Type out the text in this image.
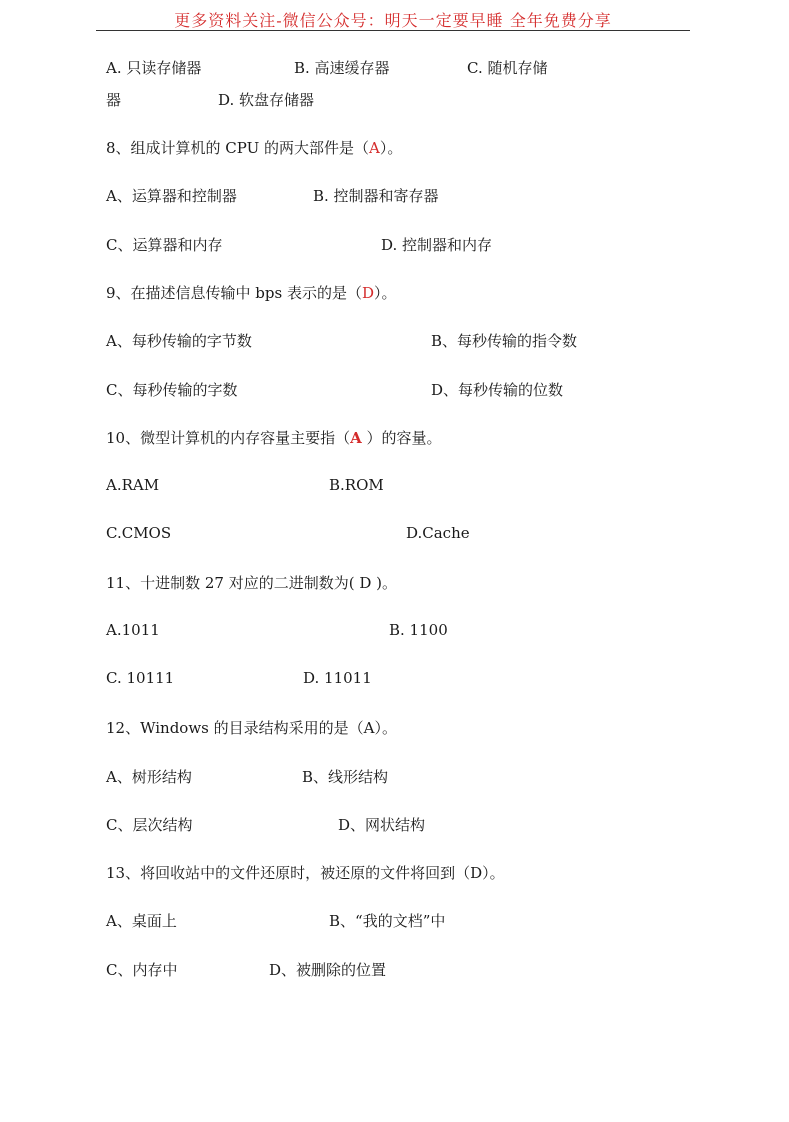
更多资料关注-微信公众号：明天一定要早睡 全年免费分享
A. 只读存储器	B. 高速缓存器	C. 随机存储
器	D. 软盘存储器
8、组成计算机的 CPU 的两大部件是（A）。
A、运算器和控制器	B. 控制器和寄存器
C、运算器和内存	D. 控制器和内存
9、在描述信息传输中 bps 表示的是（D）。
A、每秒传输的字节数	B、每秒传输的指令数
C、每秒传输的字数	D、每秒传输的位数
10、微型计算机的内存容量主要指（A ）的容量。
A.RAM	B.ROM
C.CMOS	D.Cache
11、十进制数 27 对应的二进制数为( D )。
A.1011	B. 1100
C. 10111	D. 11011
12、Windows 的目录结构采用的是（A）。
A、树形结构	B、线形结构
C、层次结构	D、网状结构
13、将回收站中的文件还原时，被还原的文件将回到（D）。
A、桌面上	B、“我的文档”中
C、内存中	D、被删除的位置
